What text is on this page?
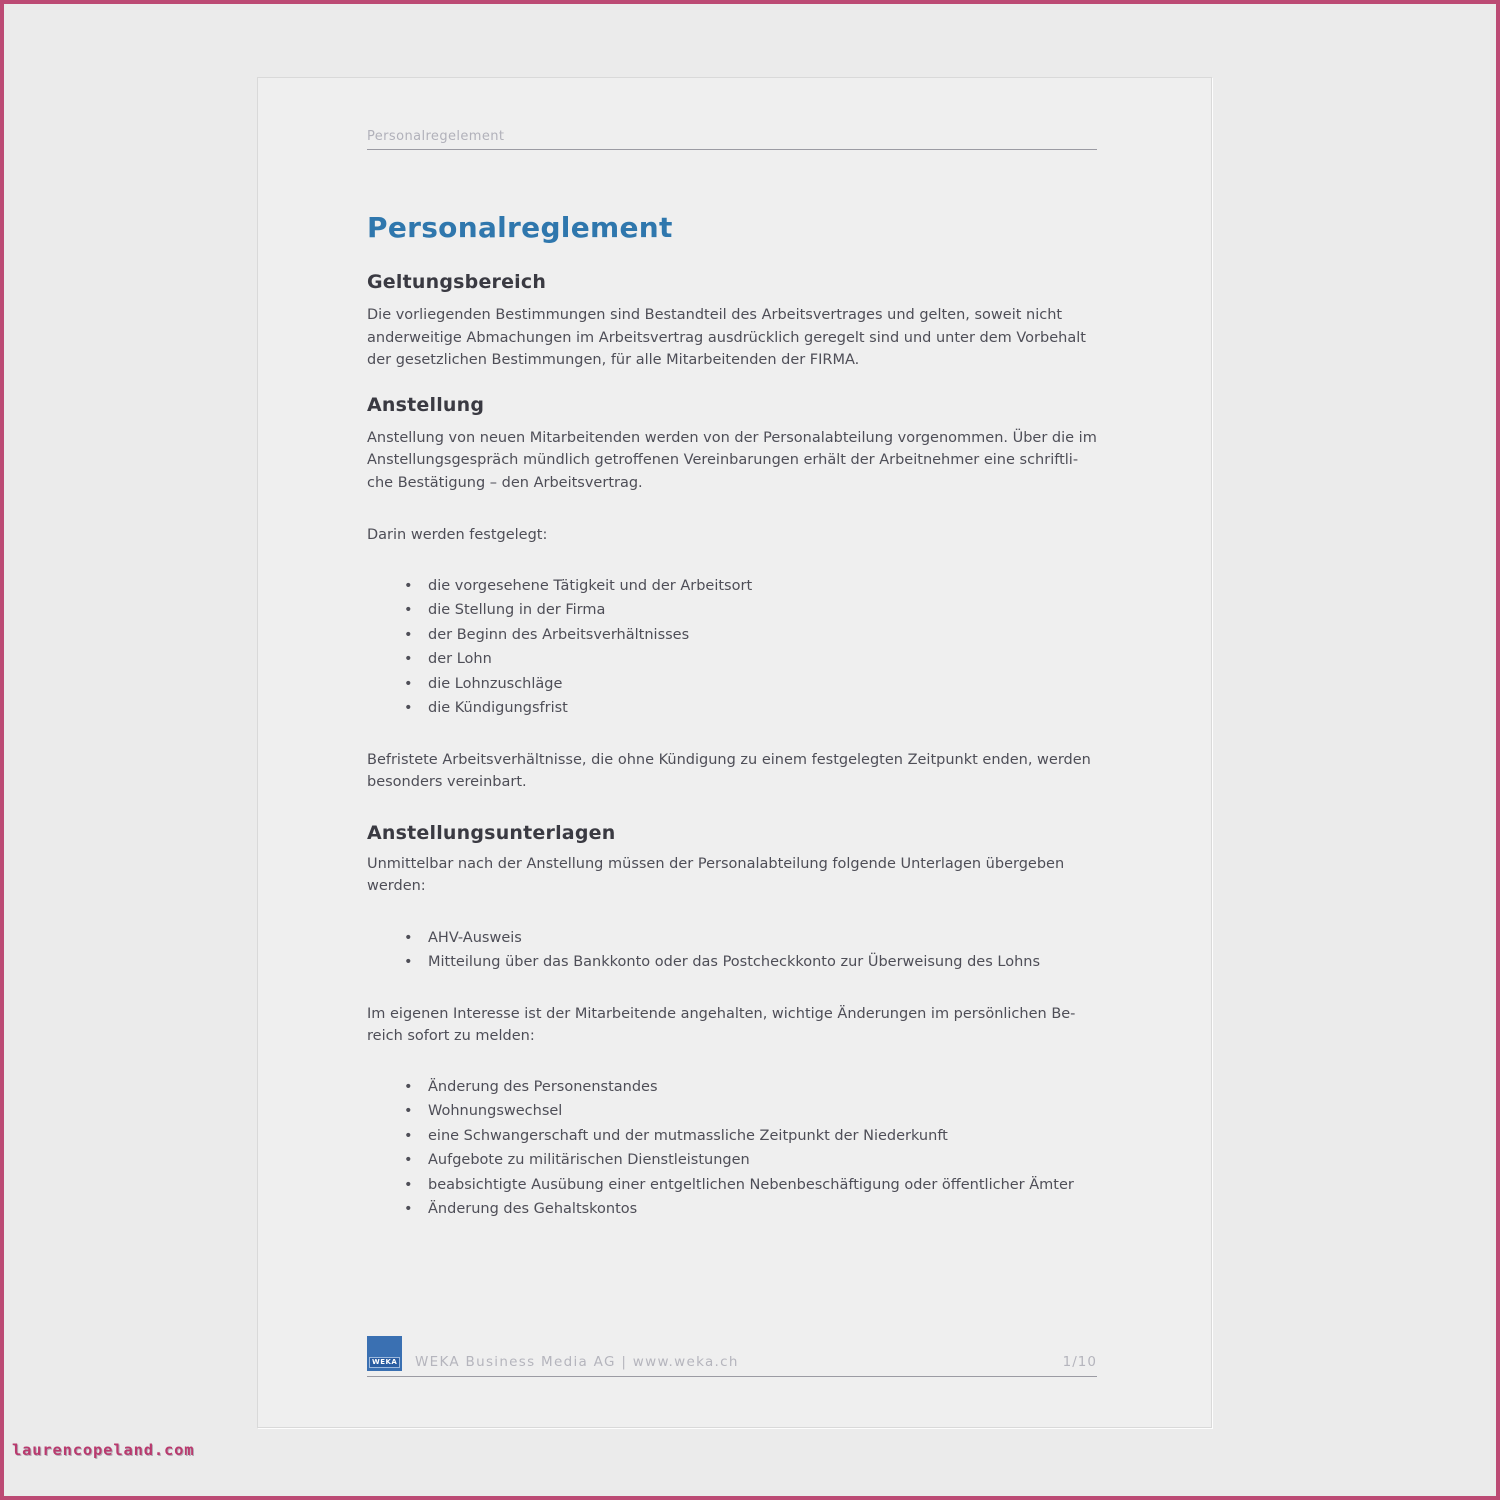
Personalregelement
Personalreglement
Geltungsbereich
Die vorliegenden Bestimmungen sind Bestandteil des Arbeitsvertrages und gelten, soweit nicht
anderweitige Abmachungen im Arbeitsvertrag ausdrücklich geregelt sind und unter dem Vorbehalt
der gesetzlichen Bestimmungen, für alle Mitarbeitenden der FIRMA.
Anstellung
Anstellung von neuen Mitarbeitenden werden von der Personalabteilung vorgenommen. Über die im
Anstellungsgespräch mündlich getroffenen Vereinbarungen erhält der Arbeitnehmer eine schriftli-
che Bestätigung – den Arbeitsvertrag.
Darin werden festgelegt:
• die vorgesehene Tätigkeit und der Arbeitsort
• die Stellung in der Firma
• der Beginn des Arbeitsverhältnisses
• der Lohn
• die Lohnzuschläge
• die Kündigungsfrist
Befristete Arbeitsverhältnisse, die ohne Kündigung zu einem festgelegten Zeitpunkt enden, werden
besonders vereinbart.
Anstellungsunterlagen
Unmittelbar nach der Anstellung müssen der Personalabteilung folgende Unterlagen übergeben
werden:
• AHV-Ausweis
• Mitteilung über das Bankkonto oder das Postcheckkonto zur Überweisung des Lohns
Im eigenen Interesse ist der Mitarbeitende angehalten, wichtige Änderungen im persönlichen Be-
reich sofort zu melden:
• Änderung des Personenstandes
• Wohnungswechsel
• eine Schwangerschaft und der mutmassliche Zeitpunkt der Niederkunft
• Aufgebote zu militärischen Dienstleistungen
• beabsichtigte Ausübung einer entgeltlichen Nebenbeschäftigung oder öffentlicher Ämter
• Änderung des Gehaltskontos
WEKA WEKA Business Media AG | www.weka.ch	1/10
laurencopeland.com
